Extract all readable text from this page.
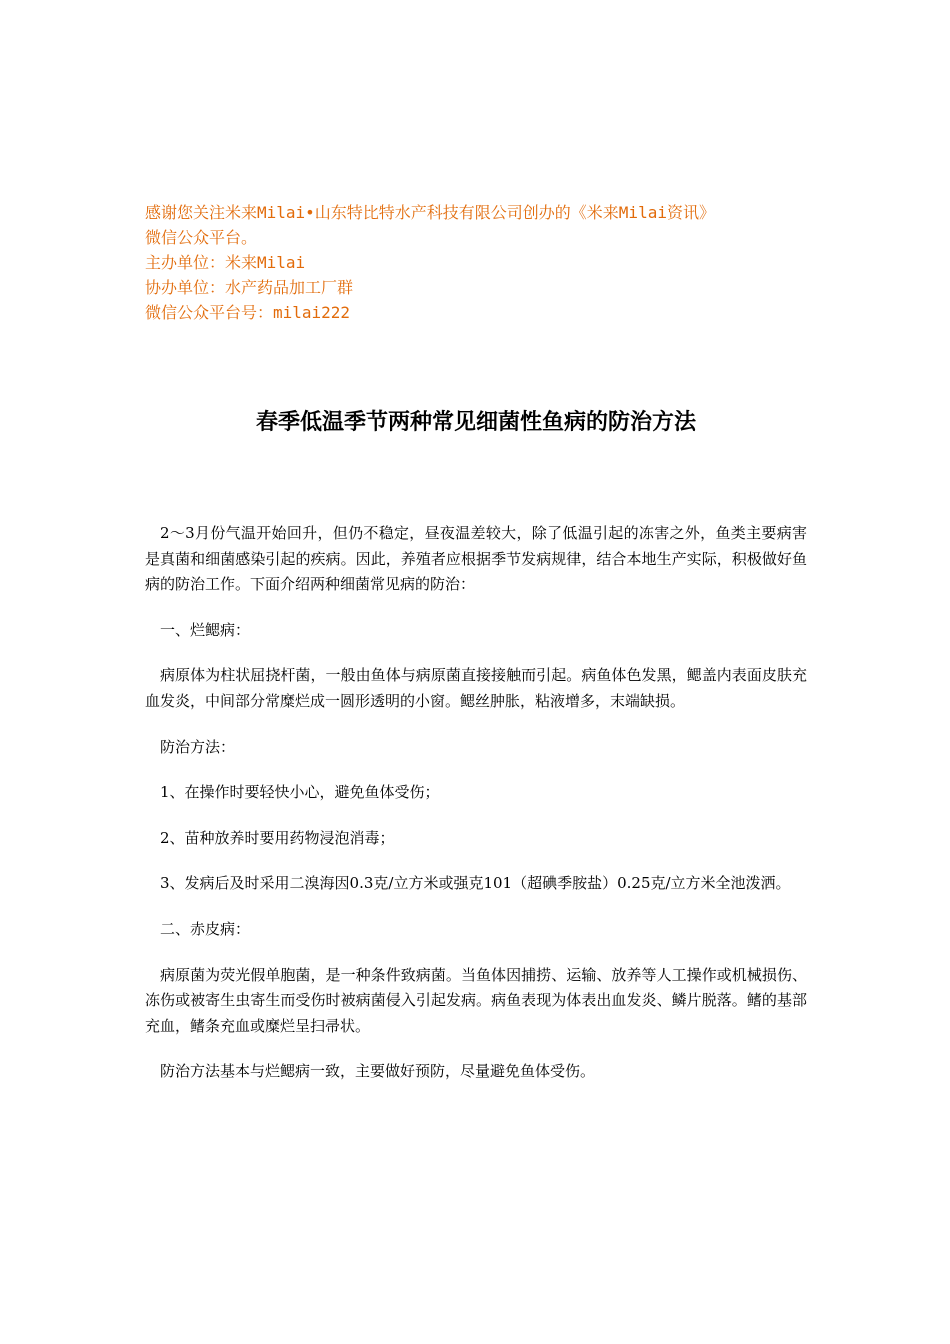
感谢您关注米来Milai•山东特比特水产科技有限公司创办的《米来Milai资讯》
微信公众平台。
主办单位：米来Milai
协办单位：水产药品加工厂群
微信公众平台号：milai222
春季低温季节两种常见细菌性鱼病的防治方法

2～3月份气温开始回升，但仍不稳定，昼夜温差较大，除了低温引起的冻害之外，鱼类主要病害是真菌和细菌感染引起的疾病。因此，养殖者应根据季节发病规律，结合本地生产实际，积极做好鱼病的防治工作。下面介绍两种细菌常见病的防治：

一、烂鳃病：

病原体为柱状屈挠杆菌，一般由鱼体与病原菌直接接触而引起。病鱼体色发黑，鳃盖内表面皮肤充血发炎，中间部分常糜烂成一圆形透明的小窗。鳃丝肿胀，粘液增多，末端缺损。

防治方法：

1、在操作时要轻快小心，避免鱼体受伤；

2、苗种放养时要用药物浸泡消毒；

3、发病后及时采用二溴海因0.3克/立方米或强克101（超碘季胺盐）0.25克/立方米全池泼洒。

二、赤皮病：

病原菌为荧光假单胞菌，是一种条件致病菌。当鱼体因捕捞、运输、放养等人工操作或机械损伤、冻伤或被寄生虫寄生而受伤时被病菌侵入引起发病。病鱼表现为体表出血发炎、鳞片脱落。鳍的基部充血，鳍条充血或糜烂呈扫帚状。

防治方法基本与烂鳃病一致，主要做好预防，尽量避免鱼体受伤。
